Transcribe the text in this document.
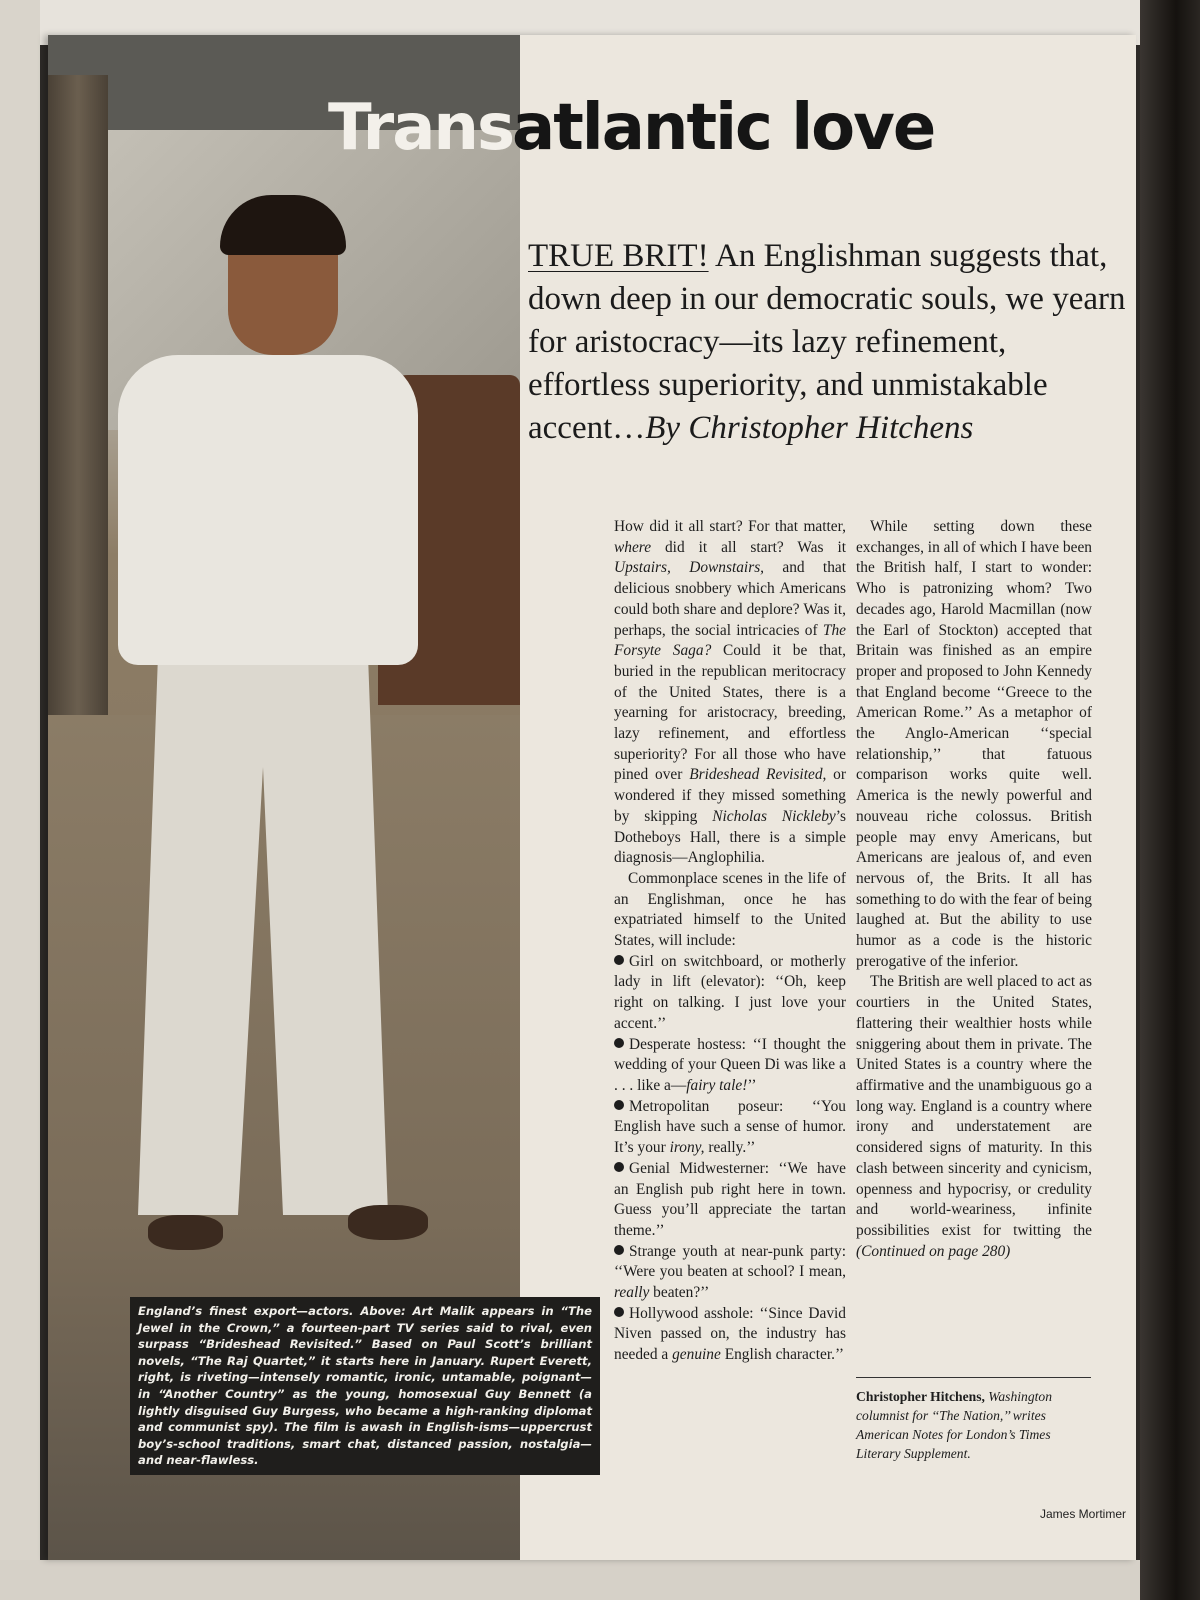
Trans
atlantic love

TRUE BRIT! An Englishman suggests that, down deep in our democratic souls, we yearn for aristocracy—its lazy refinement, effortless superiority, and unmistakable accent…By Christopher Hitchens

How did it all start? For that matter, where did it all start? Was it Upstairs, Downstairs, and that delicious snobbery which Americans could both share and deplore? Was it, perhaps, the social intricacies of The Forsyte Saga? Could it be that, buried in the republican meritocracy of the United States, there is a yearning for aristocracy, breeding, lazy refinement, and effortless superiority? For all those who have pined over Brideshead Revisited, or wondered if they missed something by skipping Nicholas Nickleby’s Dotheboys Hall, there is a simple diagnosis—Anglophilia.

Commonplace scenes in the life of an Englishman, once he has expatriated himself to the United States, will include:

Girl on switchboard, or motherly lady in lift (elevator): ‘‘Oh, keep right on talking. I just love your accent.’’

Desperate hostess: ‘‘I thought the wedding of your Queen Di was like a . . . like a—fairy tale!’’

Metropolitan poseur: ‘‘You English have such a sense of humor. It’s your irony, really.’’

Genial Midwesterner: ‘‘We have an English pub right here in town. Guess you’ll appreciate the tartan theme.’’

Strange youth at near-punk party: ‘‘Were you beaten at school? I mean, really beaten?’’

Hollywood asshole: ‘‘Since David Niven passed on, the industry has needed a genuine English character.’’

While setting down these exchanges, in all of which I have been the British half, I start to wonder: Who is patronizing whom? Two decades ago, Harold Macmillan (now the Earl of Stockton) accepted that Britain was finished as an empire proper and proposed to John Kennedy that England become ‘‘Greece to the American Rome.’’ As a metaphor of the Anglo-American ‘‘special relationship,’’ that fatuous comparison works quite well. America is the newly powerful and nouveau riche colossus. British people may envy Americans, but Americans are jealous of, and even nervous of, the Brits. It all has something to do with the fear of being laughed at. But the ability to use humor as a code is the historic prerogative of the inferior.

The British are well placed to act as courtiers in the United States, flattering their wealthier hosts while sniggering about them in private. The United States is a country where the affirmative and the unambiguous go a long way. England is a country where irony and understatement are considered signs of maturity. In this clash between sincerity and cynicism, openness and hypocrisy, or credulity and world-weariness, infinite possibilities exist for twitting the (Continued on page 280)

Christopher Hitchens, Washington columnist for ‘‘The Nation,’’ writes American Notes for London’s Times Literary Supplement.
England’s finest export—actors. Above: Art Malik appears in “The Jewel in the Crown,” a fourteen-part TV series said to rival, even surpass “Brideshead Revisited.” Based on Paul Scott’s brilliant novels, “The Raj Quartet,” it starts here in January. Rupert Everett, right, is riveting—intensely romantic, ironic, untamable, poignant—in “Another Country” as the young, homosexual Guy Bennett (a lightly disguised Guy Burgess, who became a high-ranking diplomat and communist spy). The film is awash in English-isms—uppercrust boy’s-school traditions, smart chat, distanced passion, nostalgia—and near-flawless.
James Mortimer
